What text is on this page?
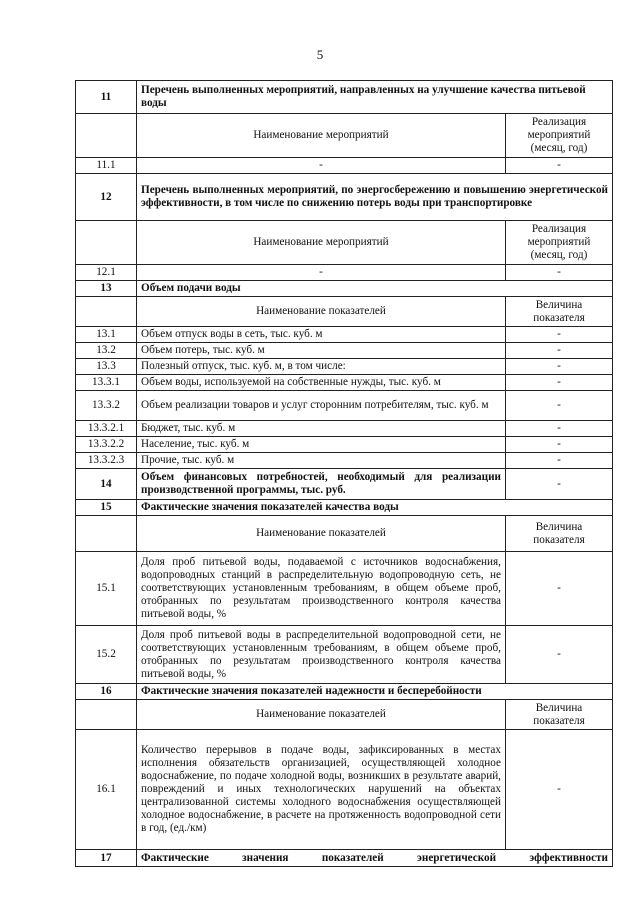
5
11	Перечень выполненных мероприятий, направленных на улучшение качества питьевой воды	
	Наименование мероприятий	Реализация мероприятий (месяц, год)
11.1	-	-
12	Перечень выполненных мероприятий, по энергосбережению и повышению энергетической эффективности, в том числе по снижению потерь воды при транспортировке	
	Наименование мероприятий	Реализация мероприятий (месяц, год)
12.1	-	-
13	Объем подачи воды	
	Наименование показателей	Величина показателя
13.1	Объем отпуск воды в сеть, тыс. куб. м	-
13.2	Объем потерь, тыс. куб. м	-
13.3	Полезный отпуск, тыс. куб. м, в том числе:	-
13.3.1	Объем воды, используемой на собственные нужды, тыс. куб. м	-
13.3.2	Объем реализации товаров и услуг сторонним потребителям, тыс. куб. м	-
13.3.2.1	Бюджет, тыс. куб. м	-
13.3.2.2	Население, тыс. куб. м	-
13.3.2.3	Прочие, тыс. куб. м	-
14	Объем финансовых потребностей, необходимый для реализации производственной программы, тыс. руб.	-
15	Фактические значения показателей качества воды	
	Наименование показателей	Величина показателя
15.1	Доля проб питьевой воды, подаваемой с источников водоснабжения, водопроводных станций в распределительную водопроводную сеть, не соответствующих установленным требованиям, в общем объеме проб, отобранных по результатам производственного контроля качества питьевой воды, %	-
15.2	Доля проб питьевой воды в распределительной водопроводной сети, не соответствующих установленным требованиям, в общем объеме проб, отобранных по результатам производственного контроля качества питьевой воды, %	-
16	Фактические значения показателей надежности и бесперебойности	
	Наименование показателей	Величина показателя
16.1	Количество перерывов в подаче воды, зафиксированных в местах исполнения обязательств организацией, осуществляющей холодное водоснабжение, по подаче холодной воды, возникших в результате аварий, повреждений и иных технологических нарушений на объектах централизованной системы холодного водоснабжения осуществляющей холодное водоснабжение, в расчете на протяженность водопроводной сети в год, (ед./км)	-
17	Фактические значения показателей энергетической эффективности	
